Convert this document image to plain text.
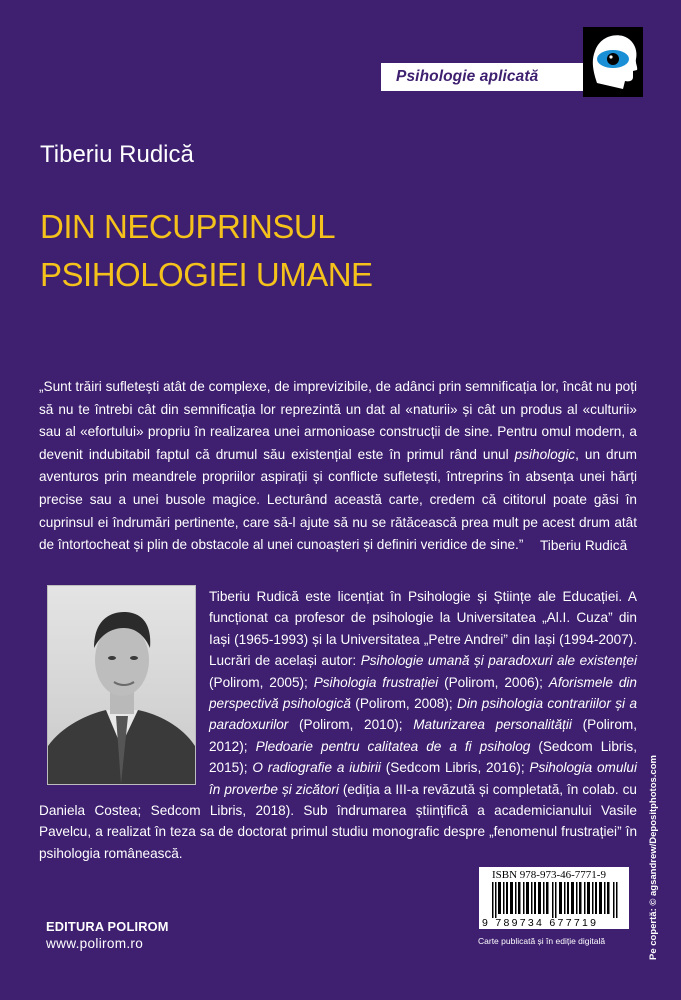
Psihologie aplicată
Tiberiu Rudică
DIN NECUPRINSUL
PSIHOLOGIEI UMANE
„Sunt trăiri sufletești atât de complexe, de imprevizibile, de adânci prin semnificația lor, încât nu poți să nu te întrebi cât din semnificația lor reprezintă un dat al «naturii» și cât un produs al «culturii» sau al «efortului» propriu în realizarea unei armonioase construcții de sine. Pentru omul modern, a devenit indubitabil faptul că drumul său existențial este în primul rând unul psihologic, un drum aventuros prin meandrele propriilor aspirații și conflicte sufletești, întreprins în absența unei hărți precise sau a unei busole magice. Lecturând această carte, credem că cititorul poate găsi în cuprinsul ei îndrumări pertinente, care să-l ajute să nu se rătăcească prea mult pe acest drum atât de întortocheat și plin de obstacole al unei cunoașteri și definiri veridice de sine.”	Tiberiu Rudică
Tiberiu Rudică este licențiat în Psihologie și Științe ale Educației. A funcționat ca profesor de psihologie la Universitatea „Al.I. Cuza” din Iași (1965-1993) și la Universitatea „Petre Andrei” din Iași (1994-2007). Lucrări de același autor: Psihologie umană și paradoxuri ale existenței (Polirom, 2005); Psihologia frustrației (Polirom, 2006); Aforismele din perspectivă psihologică (Polirom, 2008); Din psihologia contrariilor și a paradoxurilor (Polirom, 2010); Maturizarea personalității (Polirom, 2012); Pledoarie pentru calitatea de a fi psiholog (Sedcom Libris, 2015); O radiografie a iubirii (Sedcom Libris, 2016); Psihologia omului în proverbe și zicători (ediția a III-a revăzută și completată, în colab. cu Daniela Costea; Sedcom Libris, 2018). Sub îndrumarea științifică a academicianului Vasile Pavelcu, a realizat în teza sa de doctorat primul studiu monografic despre „fenomenul frustrației” în psihologia românească.
EDITURA POLIROM
www.polirom.ro
ISBN 978-973-46-7771-9
9 789734 677719
Carte publicată și în ediție digitală	Pe copertă: © agsandrew/Depositphotos.com
